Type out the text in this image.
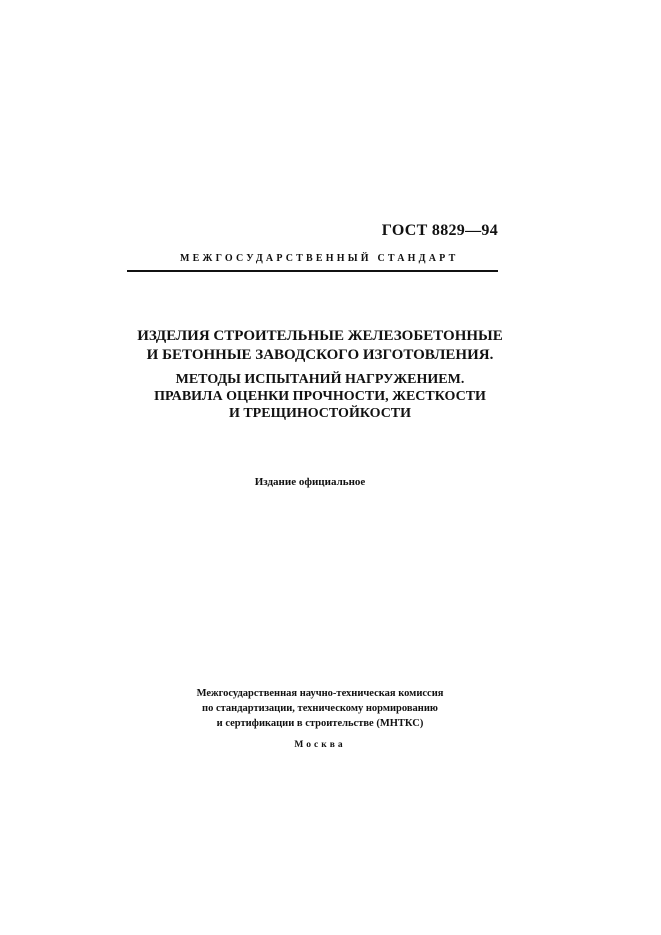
ГОСТ 8829—94
МЕЖГОСУДАРСТВЕННЫЙ СТАНДАРТ
ИЗДЕЛИЯ СТРОИТЕЛЬНЫЕ ЖЕЛЕЗОБЕТОННЫЕ
И БЕТОННЫЕ ЗАВОДСКОГО ИЗГОТОВЛЕНИЯ.
МЕТОДЫ ИСПЫТАНИЙ НАГРУЖЕНИЕМ.
ПРАВИЛА ОЦЕНКИ ПРОЧНОСТИ, ЖЕСТКОСТИ
И ТРЕЩИНОСТОЙКОСТИ
Издание официальное
Межгосударственная научно-техническая комиссия
по стандартизации, техническому нормированию
и сертификации в строительстве (МНТКС)
Москва
